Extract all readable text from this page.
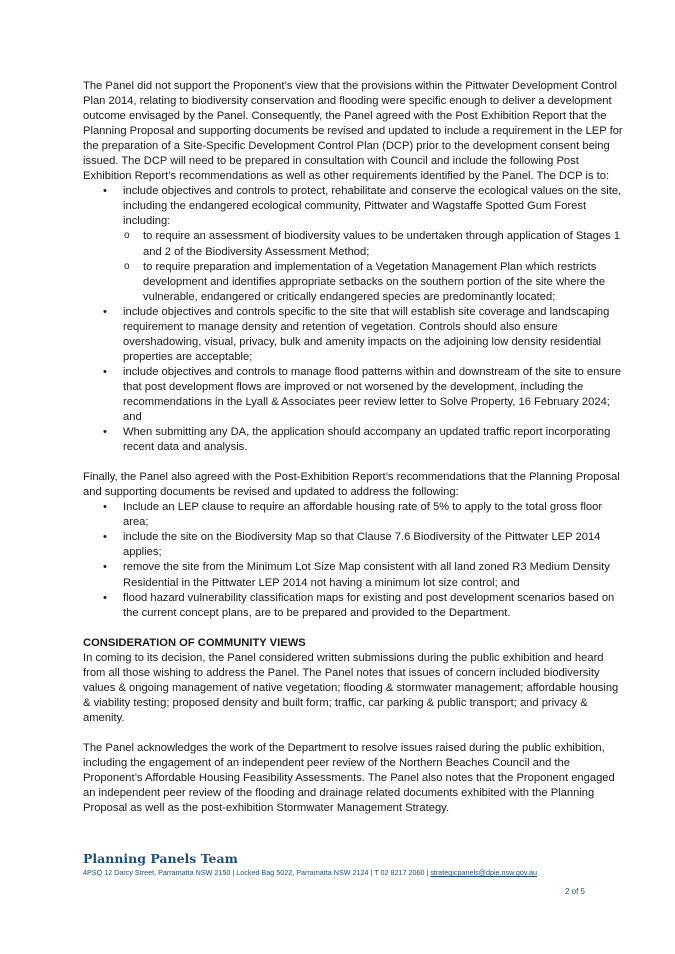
The Panel did not support the Proponent’s view that the provisions within the Pittwater Development Control Plan 2014, relating to biodiversity conservation and flooding were specific enough to deliver a development outcome envisaged by the Panel. Consequently, the Panel agreed with the Post Exhibition Report that the Planning Proposal and supporting documents be revised and updated to include a requirement in the LEP for the preparation of a Site-Specific Development Control Plan (DCP) prior to the development consent being issued. The DCP will need to be prepared in consultation with Council and include the following Post Exhibition Report’s recommendations as well as other requirements identified by the Panel. The DCP is to:

• include objectives and controls to protect, rehabilitate and conserve the ecological values on the site, including the endangered ecological community, Pittwater and Wagstaffe Spotted Gum Forest including:
o to require an assessment of biodiversity values to be undertaken through application of Stages 1 and 2 of the Biodiversity Assessment Method;
o to require preparation and implementation of a Vegetation Management Plan which restricts development and identifies appropriate setbacks on the southern portion of the site where the vulnerable, endangered or critically endangered species are predominantly located;
• include objectives and controls specific to the site that will establish site coverage and landscaping requirement to manage density and retention of vegetation. Controls should also ensure overshadowing, visual, privacy, bulk and amenity impacts on the adjoining low density residential properties are acceptable;
• include objectives and controls to manage flood patterns within and downstream of the site to ensure that post development flows are improved or not worsened by the development, including the recommendations in the Lyall & Associates peer review letter to Solve Property, 16 February 2024; and
• When submitting any DA, the application should accompany an updated traffic report incorporating recent data and analysis.

Finally, the Panel also agreed with the Post-Exhibition Report’s recommendations that the Planning Proposal and supporting documents be revised and updated to address the following:

• Include an LEP clause to require an affordable housing rate of 5% to apply to the total gross floor area;
• include the site on the Biodiversity Map so that Clause 7.6 Biodiversity of the Pittwater LEP 2014 applies;
• remove the site from the Minimum Lot Size Map consistent with all land zoned R3 Medium Density Residential in the Pittwater LEP 2014 not having a minimum lot size control; and
• flood hazard vulnerability classification maps for existing and post development scenarios based on the current concept plans, are to be prepared and provided to the Department.

CONSIDERATION OF COMMUNITY VIEWS

In coming to its decision, the Panel considered written submissions during the public exhibition and heard from all those wishing to address the Panel. The Panel notes that issues of concern included biodiversity values & ongoing management of native vegetation; flooding & stormwater management; affordable housing & viability testing; proposed density and built form; traffic, car parking & public transport; and privacy & amenity.

The Panel acknowledges the work of the Department to resolve issues raised during the public exhibition, including the engagement of an independent peer review of the Northern Beaches Council and the Proponent’s Affordable Housing Feasibility Assessments. The Panel also notes that the Proponent engaged an independent peer review of the flooding and drainage related documents exhibited with the Planning Proposal as well as the post-exhibition Stormwater Management Strategy.

Planning Panels Team
4PSQ 12 Darcy Street, Parramatta NSW 2150 | Locked Bag 5022, Parramatta NSW 2124 | T 02 8217 2060 | strategicpanels@dpie.nsw.gov.au
2 of 5
